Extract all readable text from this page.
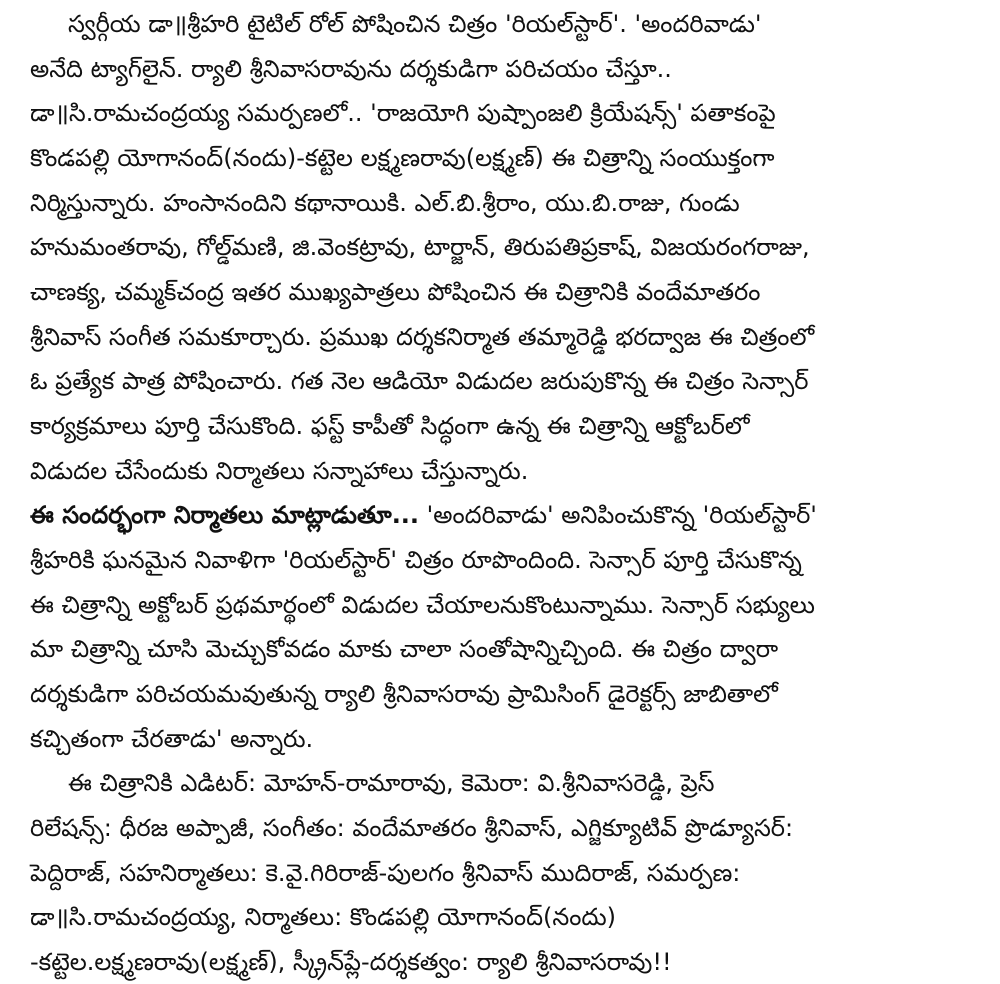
స్వర్గీయ డా॥శ్రీహరి టైటిల్ రోల్ పోషించిన చిత్రం 'రియల్‌స్టార్'. 'అందరివాడు'
అనేది ట్యాగ్‌లైన్. ర్యాలి శ్రీనివాసరావును దర్శకుడిగా పరిచయం చేస్తూ..
డా॥సి.రామచంద్రయ్య సమర్పణలో.. 'రాజయోగి పుష్పాంజలి క్రియేషన్స్' పతాకంపై
కొండపల్లి యోగానంద్(నందు)-కట్టెల లక్ష్మణరావు(లక్ష్మణ్) ఈ చిత్రాన్ని సంయుక్తంగా
నిర్మిస్తున్నారు. హంసానందిని కథానాయికి. ఎల్.బి.శ్రీరాం, యు.బి.రాజు, గుండు
హనుమంతరావు, గోల్డ్‌మణి, జి.వెంకట్రావు, టార్జాన్, తిరుపతిప్రకాష్, విజయరంగరాజు,
చాణక్య, చమ్మక్‌చంద్ర ఇతర ముఖ్యపాత్రలు పోషించిన ఈ చిత్రానికి వందేమాతరం
శ్రీనివాస్ సంగీత సమకూర్చారు. ప్రముఖ దర్శకనిర్మాత తమ్మారెడ్డి భరద్వాజ ఈ చిత్రంలో
ఓ ప్రత్యేక పాత్ర పోషించారు. గత నెల ఆడియో విడుదల జరుపుకొన్న ఈ చిత్రం సెన్సార్
కార్యక్రమాలు పూర్తి చేసుకొంది. ఫస్ట్ కాపీతో సిద్ధంగా ఉన్న ఈ చిత్రాన్ని ఆక్టోబర్‌లో
విడుదల చేసేందుకు నిర్మాతలు సన్నాహాలు చేస్తున్నారు.
ఈ సందర్భంగా నిర్మాతలు మాట్లాడుతూ... 'అందరివాడు' అనిపించుకొన్న 'రియల్‌స్టార్'
శ్రీహరికి ఘనమైన నివాళిగా 'రియల్‌స్టార్' చిత్రం రూపొందింది. సెన్సార్ పూర్తి చేసుకొన్న
ఈ చిత్రాన్ని అక్టోబర్ ప్రథమార్థంలో విడుదల చేయాలనుకొంటున్నాము. సెన్సార్ సభ్యులు
మా చిత్రాన్ని చూసి మెచ్చుకోవడం మాకు చాలా సంతోషాన్నిచ్చింది. ఈ చిత్రం ద్వారా
దర్శకుడిగా పరిచయమవుతున్న ర్యాలి శ్రీనివాసరావు ప్రామిసింగ్ డైరెక్టర్స్ జాబితాలో
కచ్చితంగా చేరతాడు' అన్నారు.
ఈ చిత్రానికి ఎడిటర్: మోహన్-రామారావు, కెమెరా: వి.శ్రీనివాసరెడ్డి, ప్రెస్
రిలేషన్స్: ధీరజ అప్పాజీ, సంగీతం: వందేమాతరం శ్రీనివాస్, ఎగ్జిక్యూటివ్ ప్రొడ్యూసర్:
పెద్దిరాజ్, సహనిర్మాతలు: కె.వై.గిరిరాజ్-పులగం శ్రీనివాస్ ముదిరాజ్, సమర్పణ:
డా॥సి.రామచంద్రయ్య, నిర్మాతలు: కొండపల్లి యోగానంద్(నందు)
-కట్టెల.లక్ష్మణరావు(లక్ష్మణ్), స్క్రీన్‌ప్లే-దర్శకత్వం: ర్యాలి శ్రీనివాసరావు!!
